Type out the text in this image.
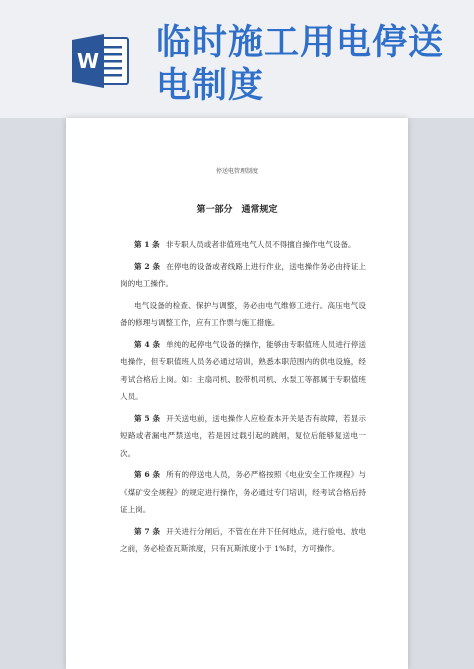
W 临时施工用电停送
电制度
停送电管理制度
第一部分　通常规定

第 1 条 非专职人员或者非值班电气人员不得擅自操作电气设备。

第 2 条 在停电的设备或者线路上进行作业，送电操作务必由持证上岗的电工操作。

电气设备的检查、保护与调整，务必由电气维修工进行。高压电气设备的修理与调整工作，应有工作票与施工措施。

第 4 条 单纯的起停电气设备的操作，能够由专职值班人员进行停送电操作，但专职值班人员务必通过培训，熟悉本职范围内的供电设施，经考试合格后上岗。如：主扇司机、胶带机司机、水泵工等都属于专职值班人员。

第 5 条 开关送电前，送电操作人应检查本开关是否有故障，若显示短路或者漏电严禁送电，若是因过载引起的跳闸，复位后能够复送电一次。

第 6 条 所有的停送电人员，务必严格按照《电业安全工作规程》与《煤矿安全规程》的规定进行操作，务必通过专门培训，经考试合格后持证上岗。

第 7 条 开关进行分闸后，不管在在井下任何地点，进行验电、放电之前，务必检查瓦斯浓度，只有瓦斯浓度小于 1%时，方可操作。
